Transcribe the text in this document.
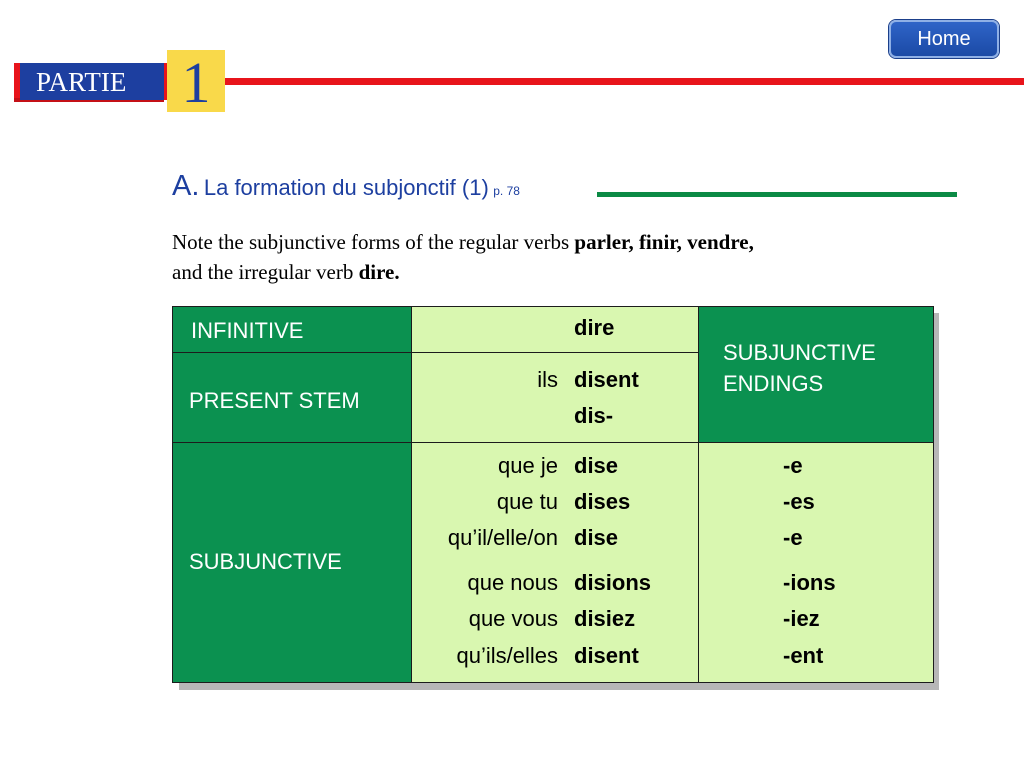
Home
PARTIE 1
A. La formation du subjonctif (1) p. 78
Note the subjunctive forms of the regular verbs parler, finir, vendre,
and the irregular verb dire.
INFINITIVE	dire
SUBJUNCTIVE
ENDINGS
PRESENT STEM
ils disent
dis-
SUBJUNCTIVE
que je dise
que tu dises
qu’il/elle/on dise
que nous disions
que vous disiez
qu’ils/elles disent
-e
-es
-e
-ions
-iez
-ent
